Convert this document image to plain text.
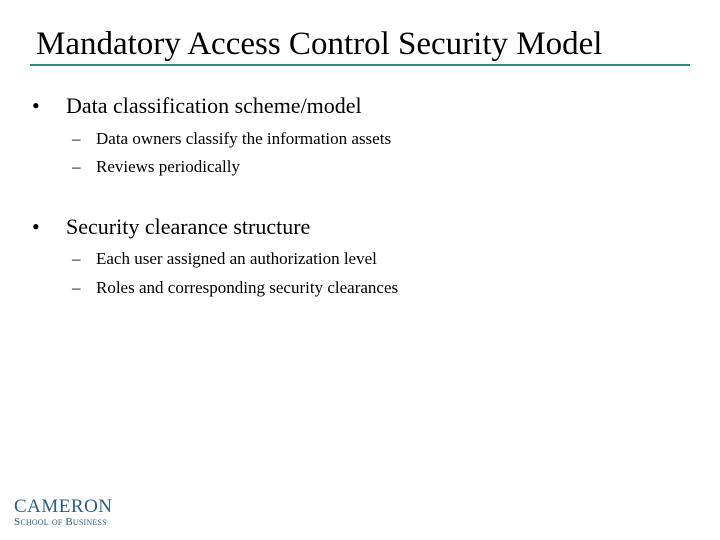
Mandatory Access Control Security Model
• Data classification scheme/model
– Data owners classify the information assets
– Reviews periodically
• Security clearance structure
– Each user assigned an authorization level
– Roles and corresponding security clearances
CAMERON
School of Business
